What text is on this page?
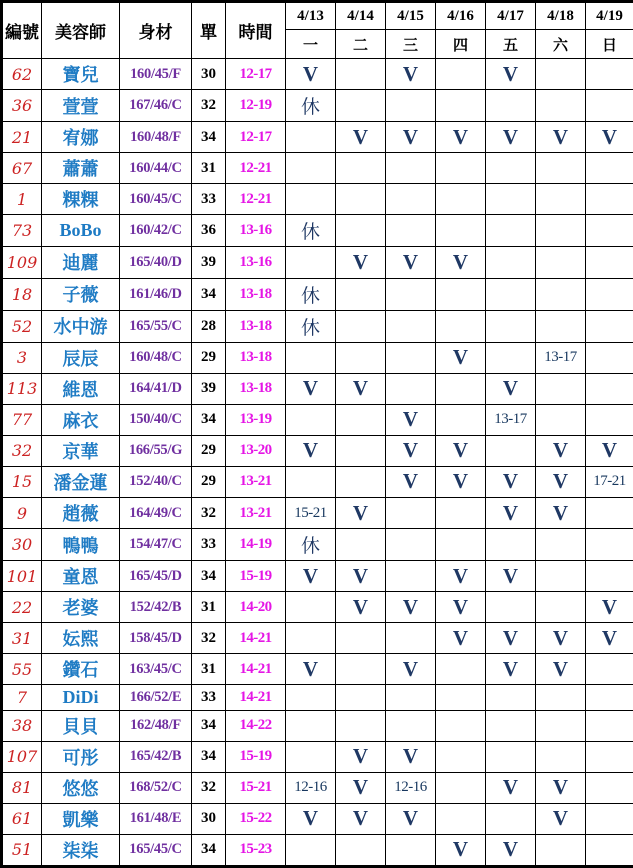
編號	美容師	身材	單	時間	4/13	4/14	4/15	4/16	4/17	4/18	4/19
					一	二	三	四	五	六	日
62	寶兒	160/45/F	30	12-17	V		V		V		
36	萱萱	167/46/C	32	12-19	休						
21	宥娜	160/48/F	34	12-17		V	V	V	V	V	V
67	蕭蕭	160/44/C	31	12-21							
1	粿粿	160/45/C	33	12-21							
73	BoBo	160/42/C	36	13-16	休						
109	迪麗	165/40/D	39	13-16		V	V	V			
18	子薇	161/46/D	34	13-18	休						
52	水中游	165/55/C	28	13-18	休						
3	辰辰	160/48/C	29	13-18				V		13-17	
113	維恩	164/41/D	39	13-18	V	V			V		
77	麻衣	150/40/C	34	13-19			V		13-17		
32	京華	166/55/G	29	13-20	V		V	V		V	V
15	潘金蓮	152/40/C	29	13-21			V	V	V	V	17-21
9	趙薇	164/49/C	32	13-21	15-21	V			V	V	
30	鴨鴨	154/47/C	33	14-19	休						
101	童恩	165/45/D	34	15-19	V	V		V	V		
22	老婆	152/42/B	31	14-20		V	V	V			V
31	妘熙	158/45/D	32	14-21				V	V	V	V
55	鑽石	163/45/C	31	14-21	V		V		V	V	
7	DiDi	166/52/E	33	14-21							
38	貝貝	162/48/F	34	14-22							
107	可彤	165/42/B	34	15-19		V	V				
81	悠悠	168/52/C	32	15-21	12-16	V	12-16		V	V	
61	凱樂	161/48/E	30	15-22	V	V	V			V	
51	柒柒	165/45/C	34	15-23				V	V		
